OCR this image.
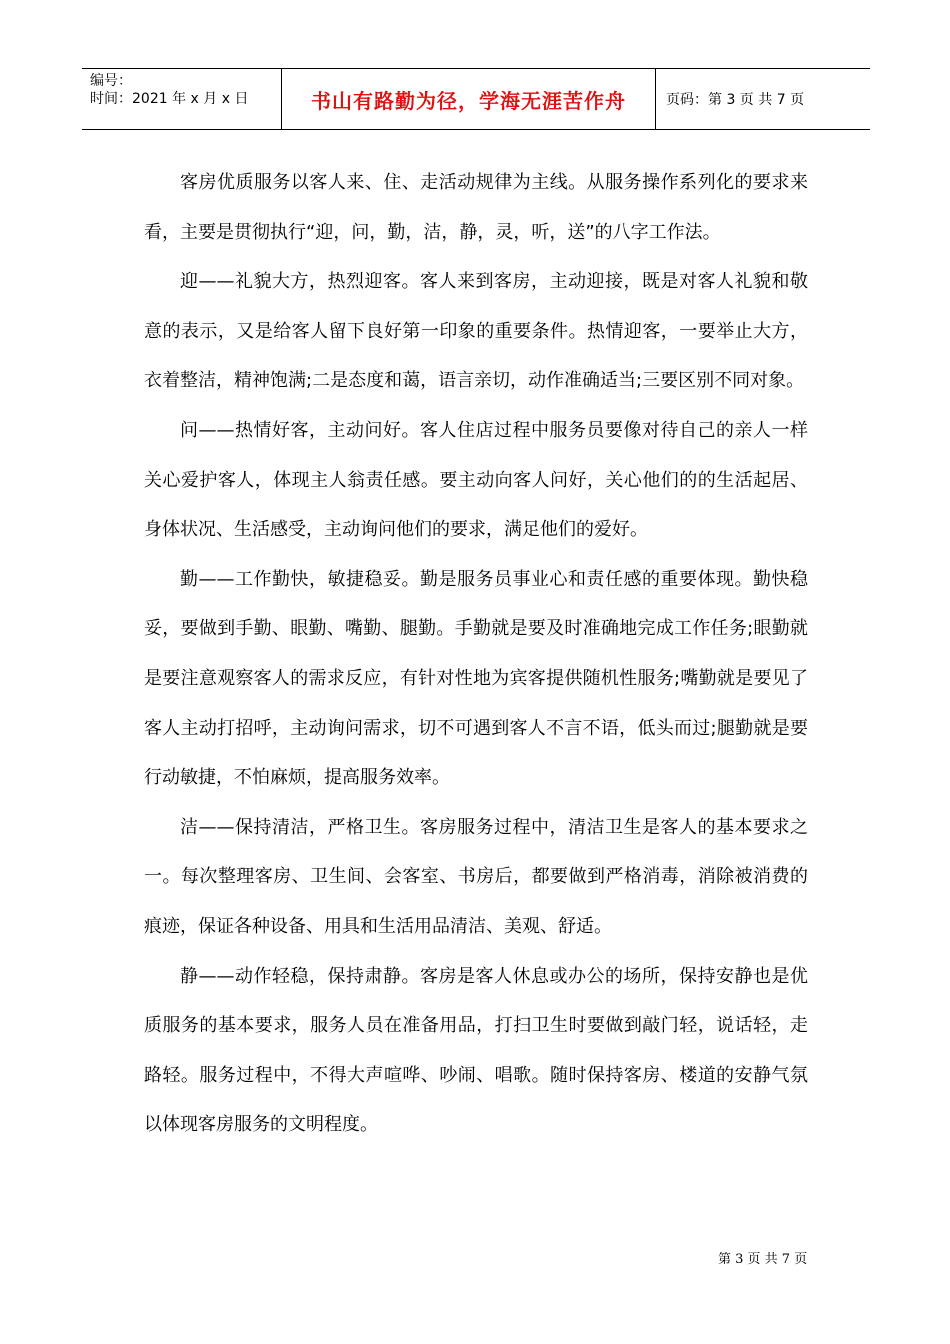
编号：
时间：2021 年 x 月 x 日	书山有路勤为径，学海无涯苦作舟	页码：第 3 页 共 7 页

客房优质服务以客人来、住、走活动规律为主线。从服务操作系列化的要求来看，主要是贯彻执行“迎，问，勤，洁，静，灵，听，送”的八字工作法。

迎——礼貌大方，热烈迎客。客人来到客房，主动迎接，既是对客人礼貌和敬意的表示，又是给客人留下良好第一印象的重要条件。热情迎客，一要举止大方，衣着整洁，精神饱满;二是态度和蔼，语言亲切，动作准确适当;三要区别不同对象。

问——热情好客，主动问好。客人住店过程中服务员要像对待自己的亲人一样关心爱护客人，体现主人翁责任感。要主动向客人问好，关心他们的的生活起居、身体状况、生活感受，主动询问他们的要求，满足他们的爱好。

勤——工作勤快，敏捷稳妥。勤是服务员事业心和责任感的重要体现。勤快稳妥，要做到手勤、眼勤、嘴勤、腿勤。手勤就是要及时准确地完成工作任务;眼勤就是要注意观察客人的需求反应，有针对性地为宾客提供随机性服务;嘴勤就是要见了客人主动打招呼，主动询问需求，切不可遇到客人不言不语，低头而过;腿勤就是要行动敏捷，不怕麻烦，提高服务效率。

洁——保持清洁，严格卫生。客房服务过程中，清洁卫生是客人的基本要求之一。每次整理客房、卫生间、会客室、书房后，都要做到严格消毒，消除被消费的痕迹，保证各种设备、用具和生活用品清洁、美观、舒适。

静——动作轻稳，保持肃静。客房是客人休息或办公的场所，保持安静也是优质服务的基本要求，服务人员在准备用品，打扫卫生时要做到敲门轻，说话轻，走路轻。服务过程中，不得大声喧哗、吵闹、唱歌。随时保持客房、楼道的安静气氛以体现客房服务的文明程度。

第 3 页 共 7 页
